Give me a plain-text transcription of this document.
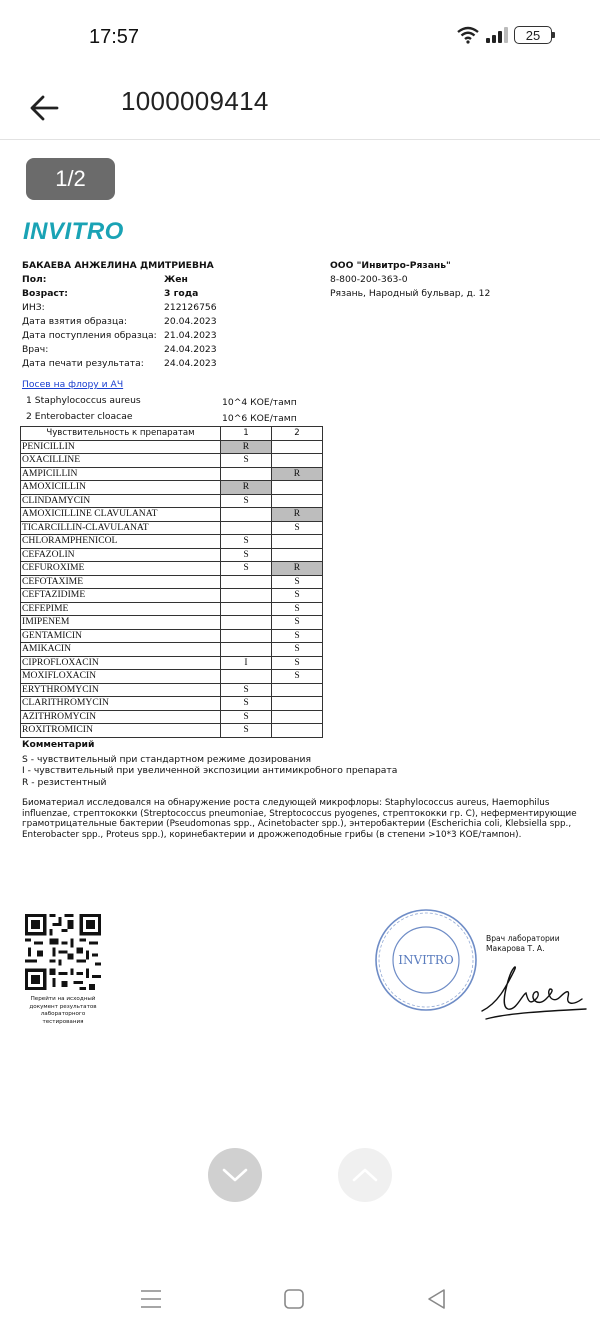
17:57	25
1000009414
1/2
INVITRO
БАКАЕВА АНЖЕЛИНА ДМИТРИЕВНА
Пол:	Жен
Возраст:	3 года
ИНЗ:	212126756
Дата взятия образца:	20.04.2023
Дата поступления образца: 21.04.2023
Врач:	24.04.2023
Дата печати результата: 24.04.2023
ООО "Инвитро-Рязань"
8-800-200-363-0
Рязань, Народный бульвар, д. 12
Посев на флору и АЧ
1 Staphylococcus aureus	10^4 КОЕ/тамп
2 Enterobacter cloacae	10^6 КОЕ/тамп
Чувствительность к препаратам	1	2
PENICILLIN	R	
OXACILLINE	S	
AMPICILLIN		R
AMOXICILLIN	R	
CLINDAMYCIN	S	
AMOXICILLINE CLAVULANAT		R
TICARCILLIN-CLAVULANAT		S
CHLORAMPHENICOL	S	
CEFAZOLIN	S	
CEFUROXIME	S	R
CEFOTAXIME		S
CEFTAZIDIME		S
CEFEPIME		S
IMIPENEM		S
GENTAMICIN		S
AMIKACIN		S
CIPROFLOXACIN	I	S
MOXIFLOXACIN		S
ERYTHROMYCIN	S	
CLARITHROMYCIN	S	
AZITHROMYCIN	S	
ROXITROMICIN	S	
Комментарий
S - чувствительный при стандартном режиме дозирования
I - чувствительный при увеличенной экспозиции антимикробного препарата
R - резистентный
Биоматериал исследовался на обнаружение роста следующей микрофлоры: Staphylococcus aureus, Haemophilus influenzae, стрептококки (Streptococcus pneumoniae, Streptococcus pyogenes, стрептококки гр. С), неферментирующие грамотрицательные бактерии (Pseudomonas spp., Acinetobacter spp.), энтеробактерии (Escherichia coli, Klebsiella spp., Enterobacter spp., Proteus spp.), коринебактерии и дрожжеподобные грибы (в степени >10*3 КОЕ/тампон).
Перейти на исходный документ результатов лабораторного тестирования
INVITRO
Врач лаборатории
Макарова Т. А.
